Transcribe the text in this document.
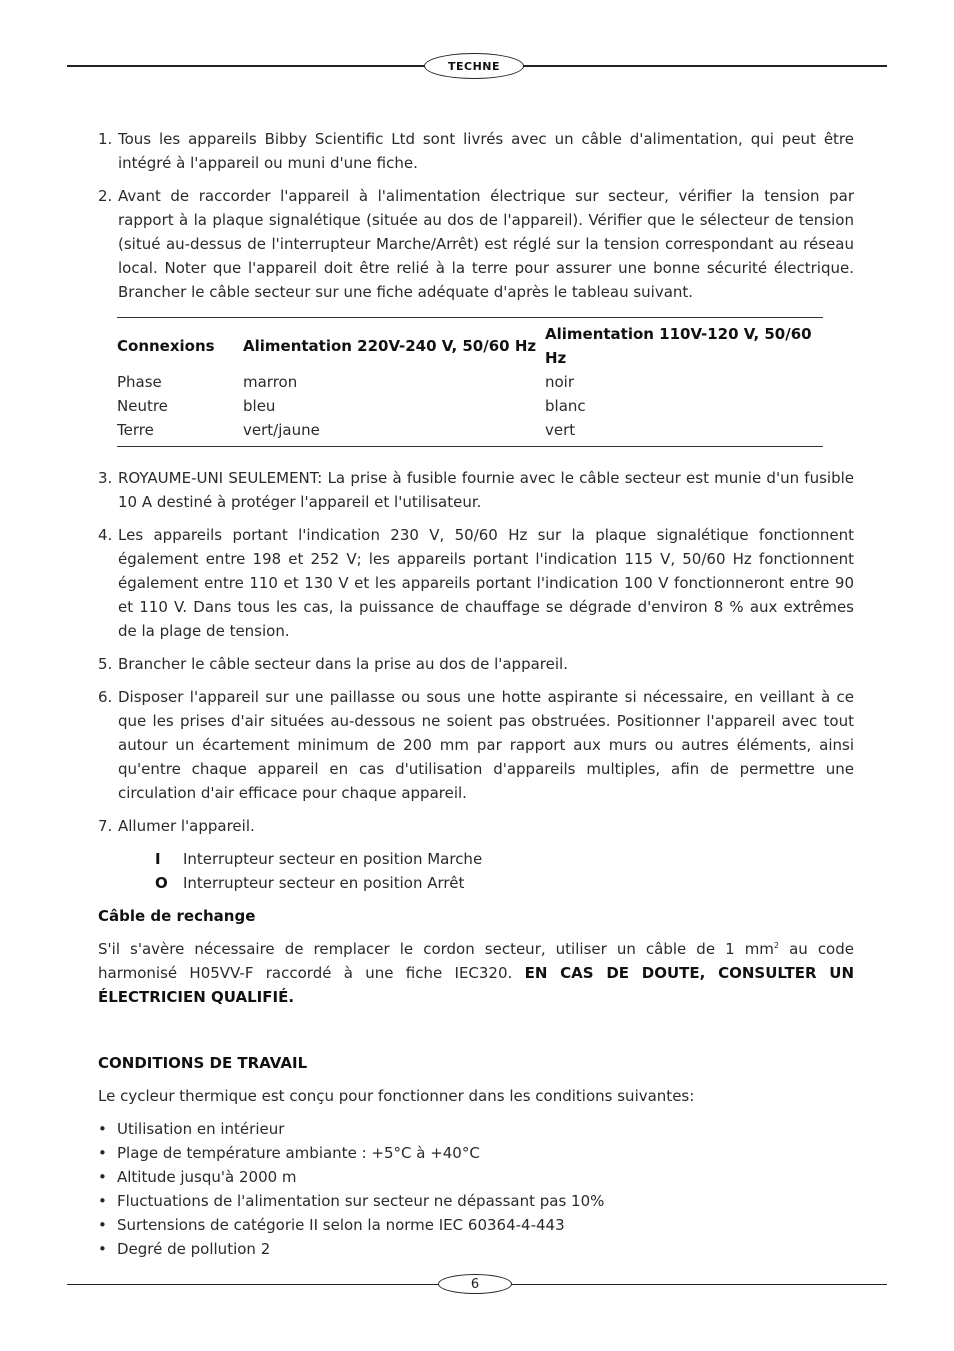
TECHNE
1. Tous les appareils Bibby Scientific Ltd sont livrés avec un câble d'alimentation, qui peut être intégré à l'appareil ou muni d'une fiche.
2. Avant de raccorder l'appareil à l'alimentation électrique sur secteur, vérifier la tension par rapport à la plaque signalétique (située au dos de l'appareil). Vérifier que le sélecteur de tension (situé au-dessus de l'interrupteur Marche/Arrêt) est réglé sur la tension correspondant au réseau local. Noter que l'appareil doit être relié à la terre pour assurer une bonne sécurité électrique. Brancher le câble secteur sur une fiche adéquate d'après le tableau suivant.
Connexions	Alimentation 220V-240 V, 50/60 Hz	Alimentation 110V-120 V, 50/60 Hz
Phase	marron	noir
Neutre	bleu	blanc
Terre	vert/jaune	vert
3. ROYAUME-UNI SEULEMENT: La prise à fusible fournie avec le câble secteur est munie d'un fusible 10 A destiné à protéger l'appareil et l'utilisateur.
4. Les appareils portant l'indication 230 V, 50/60 Hz sur la plaque signalétique fonctionnent également entre 198 et 252 V; les appareils portant l'indication 115 V, 50/60 Hz fonctionnent également entre 110 et 130 V et les appareils portant l'indication 100 V fonctionneront entre 90 et 110 V. Dans tous les cas, la puissance de chauffage se dégrade d'environ 8 % aux extrêmes de la plage de tension.
5. Brancher le câble secteur dans la prise au dos de l'appareil.
6. Disposer l'appareil sur une paillasse ou sous une hotte aspirante si nécessaire, en veillant à ce que les prises d'air situées au-dessous ne soient pas obstruées. Positionner l'appareil avec tout autour un écartement minimum de 200 mm par rapport aux murs ou autres éléments, ainsi qu'entre chaque appareil en cas d'utilisation d'appareils multiples, afin de permettre une circulation d'air efficace pour chaque appareil.
7. Allumer l'appareil.
I	Interrupteur secteur en position Marche
O	Interrupteur secteur en position Arrêt
Câble de rechange
S'il s'avère nécessaire de remplacer le cordon secteur, utiliser un câble de 1 $mm^2$ au code harmonisé H05VV-F raccordé à une fiche IEC320. EN CAS DE DOUTE, CONSULTER UN ÉLECTRICIEN QUALIFIÉ.
CONDITIONS DE TRAVAIL
Le cycleur thermique est conçu pour fonctionner dans les conditions suivantes:
• Utilisation en intérieur
• Plage de température ambiante : +5°C à +40°C
• Altitude jusqu'à 2000 m
• Fluctuations de l'alimentation sur secteur ne dépassant pas 10%
• Surtensions de catégorie II selon la norme IEC 60364-4-443
• Degré de pollution 2
6
